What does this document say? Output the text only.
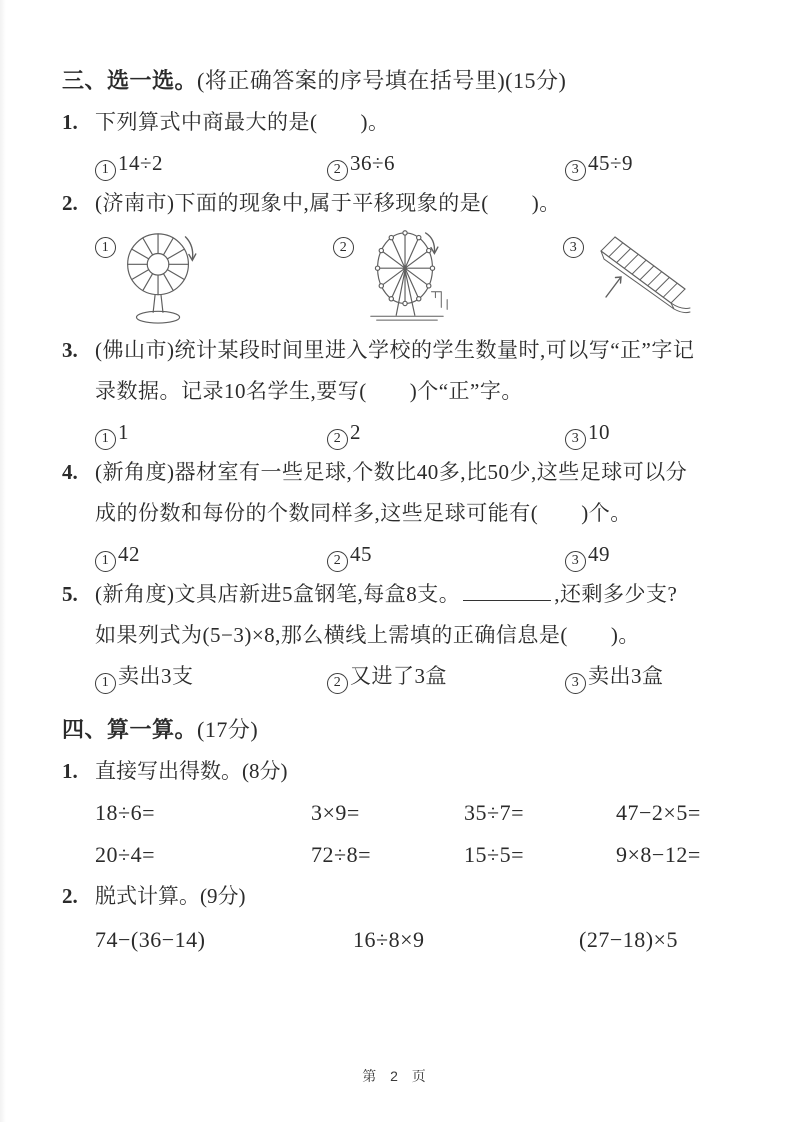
三、选一选。(将正确答案的序号填在括号里)(15分)
1. 下列算式中商最大的是(　　)。
1 14÷2	2 36÷6	3 45÷9
2. (济南市)下面的现象中,属于平移现象的是(　　)。
1	2	3
3. (佛山市)统计某段时间里进入学校的学生数量时,可以写“正”字记
录数据。记录10名学生,要写(　　)个“正”字。
1 1	2 2	3 10
4. (新角度)器材室有一些足球,个数比40多,比50少,这些足球可以分
成的份数和每份的个数同样多,这些足球可能有(　　)个。
1 42	2 45	3 49
5. (新角度)文具店新进5盒钢笔,每盒8支。	,还剩多少支?
如果列式为(5−3)×8,那么横线上需填的正确信息是(　　)。
1 卖出3支	2 又进了3盒	3 卖出3盒
四、算一算。(17分)
1. 直接写出得数。(8分)
18÷6=	3×9=	35÷7=	47−2×5=
20÷4=	72÷8=	15÷5=	9×8−12=
2. 脱式计算。(9分)
74−(36−14)	16÷8×9	(27−18)×5
第 2 页
